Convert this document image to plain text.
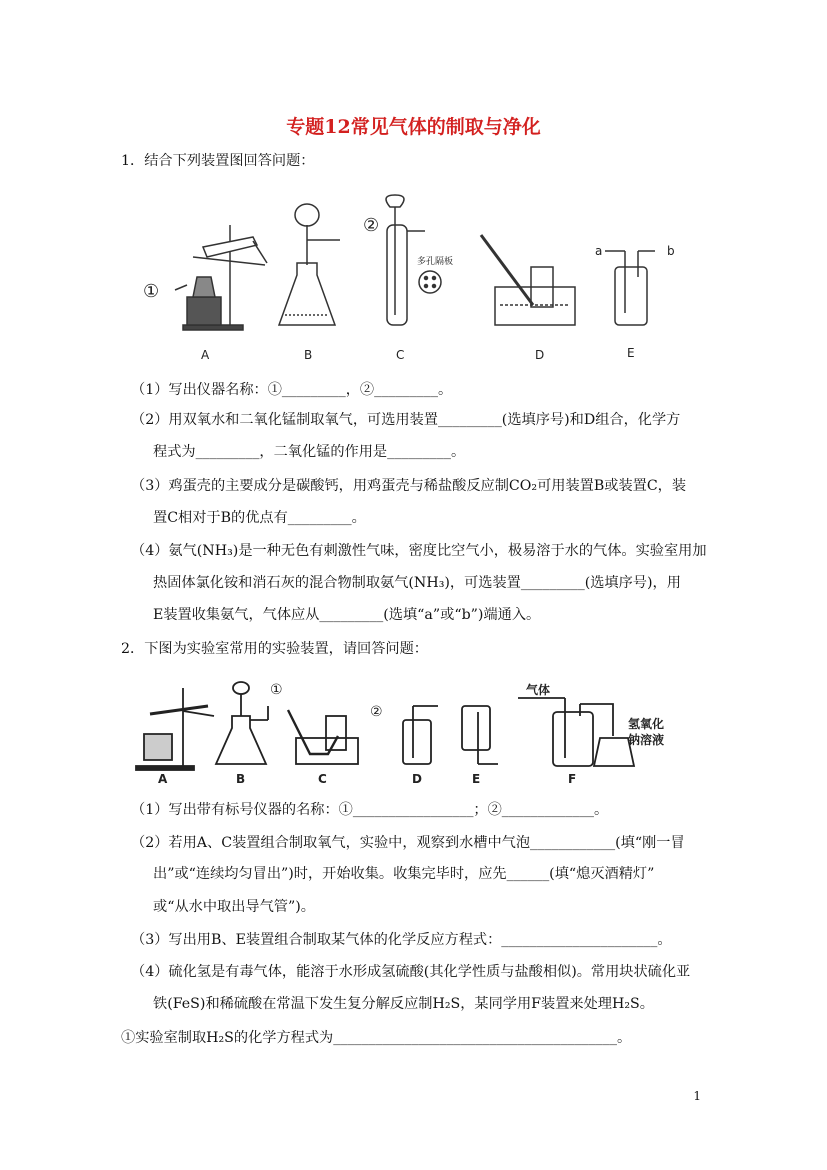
专题12常见气体的制取与净化
1．结合下列装置图回答问题：
①
②
多孔隔板
a	b
A	B	C	D	E
（1）写出仪器名称：①_________，②_________。
（2）用双氧水和二氧化锰制取氧气，可选用装置_________(选填序号)和D组合，化学方
程式为_________，二氧化锰的作用是_________。
（3）鸡蛋壳的主要成分是碳酸钙，用鸡蛋壳与稀盐酸反应制CO₂可用装置B或装置C，装
置C相对于B的优点有_________。
（4）氨气(NH₃)是一种无色有刺激性气味，密度比空气小，极易溶于水的气体。实验室用加
热固体氯化铵和消石灰的混合物制取氨气(NH₃)，可选装置_________(选填序号)，用
E装置收集氨气，气体应从_________(选填“a”或“b”)端通入。
2．下图为实验室常用的实验装置，请回答问题：
①
②
气体
氢氧化
钠溶液
A	B	C	D	E	F
（1）写出带有标号仪器的名称：①_________________；②_____________。
（2）若用A、C装置组合制取氧气，实验中，观察到水槽中气泡____________(填“刚一冒
出”或“连续均匀冒出”)时，开始收集。收集完毕时，应先______(填“熄灭酒精灯”
或“从水中取出导气管”)。
（3）写出用B、E装置组合制取某气体的化学反应方程式：______________________。
（4）硫化氢是有毒气体，能溶于水形成氢硫酸(其化学性质与盐酸相似)。常用块状硫化亚
铁(FeS)和稀硫酸在常温下发生复分解反应制H₂S，某同学用F装置来处理H₂S。
①实验室制取H₂S的化学方程式为________________________________________。
1
